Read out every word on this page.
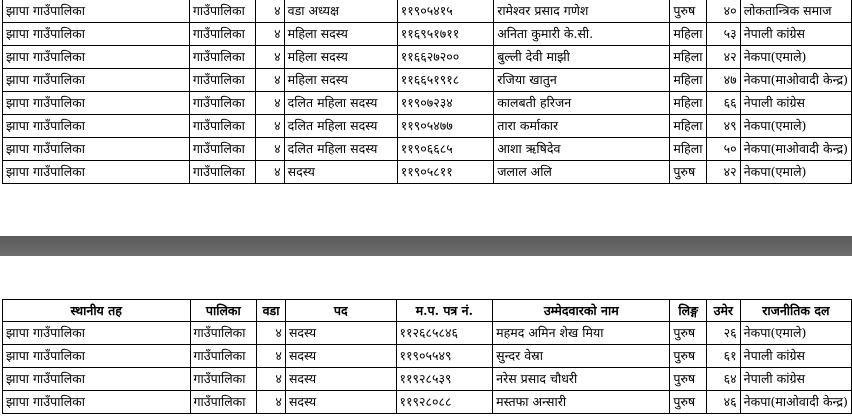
झापा गाउँपालिका	गाउँपालिका	४	वडा अध्यक्ष	११९०५४१५	रामेश्वर प्रसाद गणेश	पुरुष	४०	लोकतान्त्रिक समाज
झापा गाउँपालिका	गाउँपालिका	४	महिला सदस्य	११६९५१७११	अनिता कुमारी के.सी.	महिला	५३	नेपाली कांग्रेस
झापा गाउँपालिका	गाउँपालिका	४	महिला सदस्य	११६६२७२००	बुल्ली देवी माझी	महिला	४२	नेकपा(एमाले)
झापा गाउँपालिका	गाउँपालिका	४	महिला सदस्य	११६६५१९१८	रजिया खातुन	महिला	४७	नेकपा(माओवादी केन्द्र)
झापा गाउँपालिका	गाउँपालिका	४	दलित महिला सदस्य	११९०७२३४	कालबती हरिजन	महिला	६६	नेपाली कांग्रेस
झापा गाउँपालिका	गाउँपालिका	४	दलित महिला सदस्य	११९०५४७७	तारा कर्माकार	महिला	४९	नेकपा(एमाले)
झापा गाउँपालिका	गाउँपालिका	४	दलित महिला सदस्य	११९०६६८५	आशा ऋषिदेव	महिला	५०	नेकपा(माओवादी केन्द्र)
झापा गाउँपालिका	गाउँपालिका	४	सदस्य	११९०५८११	जलाल अलि	पुरुष	४२	नेकपा(एमाले)
स्थानीय तह	पालिका	वडा	पद	म.प. पत्र नं.	उम्मेदवारको नाम	लिङ्ग	उमेर	राजनीतिक दल
झापा गाउँपालिका	गाउँपालिका	४	सदस्य	११२६८५८४६	महमद अमिन शेख मिया	पुरुष	२६	नेकपा(एमाले)
झापा गाउँपालिका	गाउँपालिका	४	सदस्य	११९०५५४९	सुन्दर वेस्रा	पुरुष	६१	नेपाली कांग्रेस
झापा गाउँपालिका	गाउँपालिका	४	सदस्य	११९२८५३९	नरेस प्रसाद चौधरी	पुरुष	६४	नेपाली कांग्रेस
झापा गाउँपालिका	गाउँपालिका	४	सदस्य	११९२८०८८	मस्तफा अन्सारी	पुरुष	४६	नेकपा(माओवादी केन्द्र)
